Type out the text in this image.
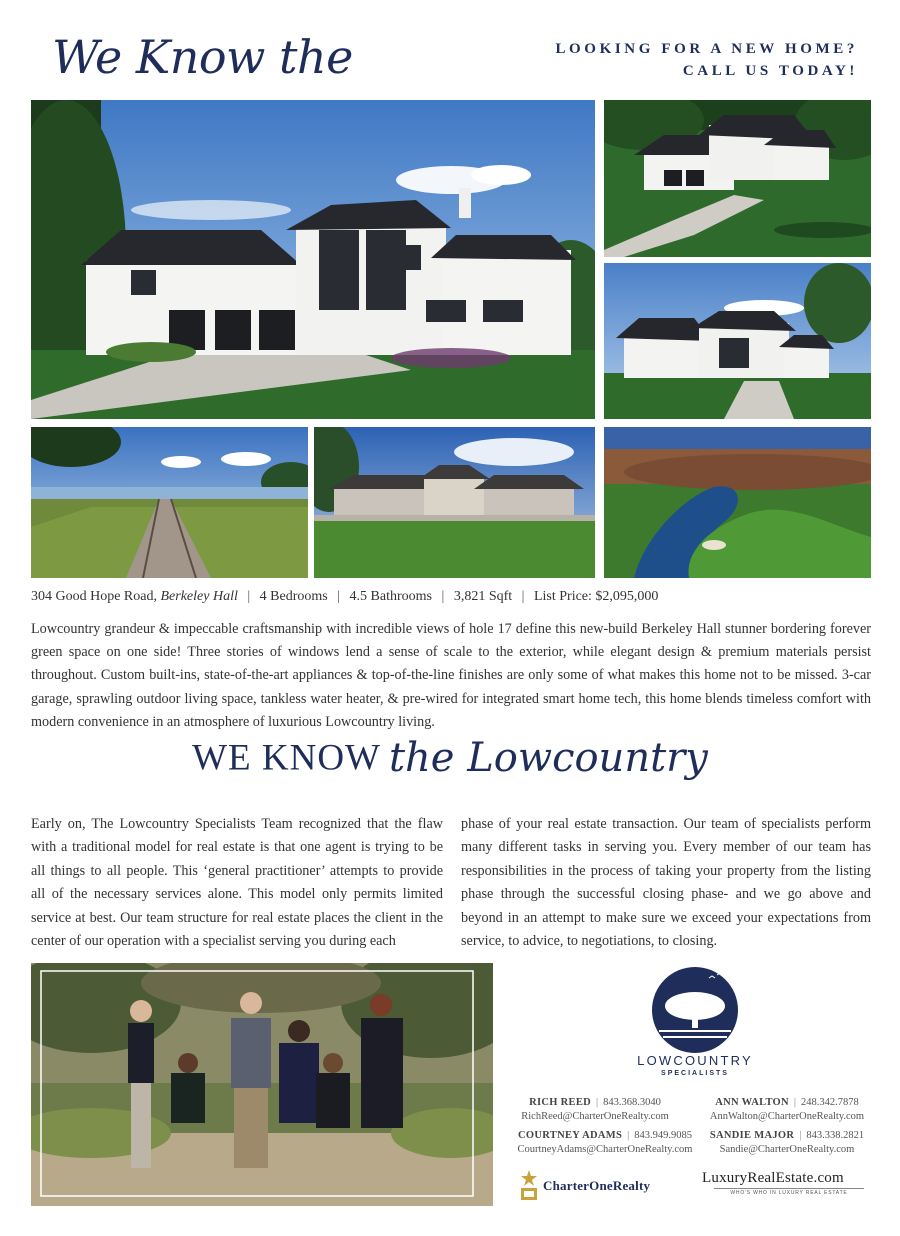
We Know the	LOOKING FOR A NEW HOME?
CALL US TODAY!
304 Good Hope Road, Berkeley Hall | 4 Bedrooms | 4.5 Bathrooms | 3,821 Sqft | List Price: $2,095,000
Lowcountry grandeur & impeccable craftsmanship with incredible views of hole 17 define this new-build Berkeley Hall stunner bordering forever green space on one side! Three stories of windows lend a sense of scale to the exterior, while elegant design & premium materials persist throughout. Custom built-ins, state-of-the-art appliances & top-of-the-line finishes are only some of what makes this home not to be missed. 3-car garage, sprawling outdoor living space, tankless water heater, & pre-wired for integrated smart home tech, this home blends timeless comfort with modern convenience in an atmosphere of luxurious Lowcountry living.
WE KNOW the Lowcountry
Early on, The Lowcountry Specialists Team recognized that the flaw with a traditional model for real estate is that one agent is trying to be all things to all people. This ‘general practitioner’ attempts to provide all of the necessary services alone. This model only permits limited service at best. Our team structure for real estate places the client in the center of our operation with a specialist serving you during each
phase of your real estate transaction. Our team of specialists perform many different tasks in serving you. Every member of our team has responsibilities in the process of taking your property from the listing phase through the successful closing phase- and we go above and beyond in an attempt to make sure we exceed your expectations from service, to advice, to negotiations, to closing.
LOWCOUNTRY
SPECIALISTS
RICH REED | 843.368.3040
RichReed@CharterOneRealty.com
ANN WALTON | 248.342.7878
AnnWalton@CharterOneRealty.com
COURTNEY ADAMS | 843.949.9085
CourtneyAdams@CharterOneRealty.com
SANDIE MAJOR | 843.338.2821
Sandie@CharterOneRealty.com
CharterOneRealty	LuxuryRealEstate.com
WHO'S WHO IN LUXURY REAL ESTATE
